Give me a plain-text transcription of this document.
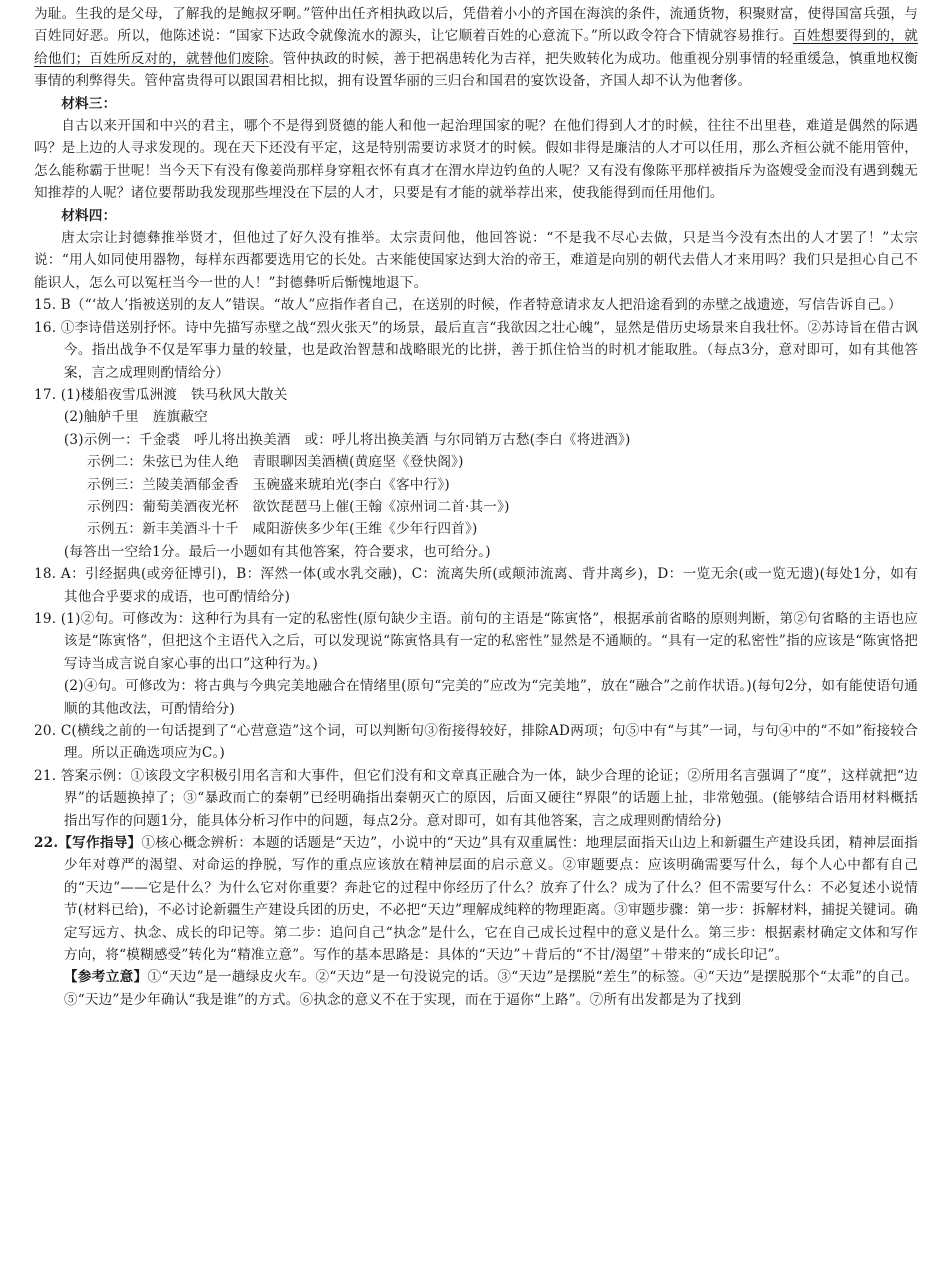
为耻。生我的是父母，了解我的是鲍叔牙啊。”管仲出任齐相执政以后，凭借着小小的齐国在海滨的条件，流通货物，积聚财富，使得国富兵强，与百姓同好恶。所以，他陈述说：“国家下达政令就像流水的源头，让它顺着百姓的心意流下。”所以政令符合下情就容易推行。百姓想要得到的，就给他们；百姓所反对的，就替他们废除。管仲执政的时候，善于把祸患转化为吉祥，把失败转化为成功。他重视分别事情的轻重缓急，慎重地权衡事情的利弊得失。管仲富贵得可以跟国君相比拟，拥有设置华丽的三归台和国君的宴饮设备，齐国人却不认为他奢侈。

材料三：

自古以来开国和中兴的君主，哪个不是得到贤德的能人和他一起治理国家的呢？在他们得到人才的时候，往往不出里巷，难道是偶然的际遇吗？是上边的人寻求发现的。现在天下还没有平定，这是特别需要访求贤才的时候。假如非得是廉洁的人才可以任用，那么齐桓公就不能用管仲，怎么能称霸于世呢！当今天下有没有像姜尚那样身穿粗衣怀有真才在渭水岸边钓鱼的人呢？又有没有像陈平那样被指斥为盗嫂受金而没有遇到魏无知推荐的人呢？诸位要帮助我发现那些埋没在下层的人才，只要是有才能的就举荐出来，使我能得到而任用他们。

材料四：

唐太宗让封德彝推举贤才，但他过了好久没有推举。太宗责问他，他回答说：“不是我不尽心去做，只是当今没有杰出的人才罢了！”太宗说：“用人如同使用器物，每样东西都要选用它的长处。古来能使国家达到大治的帝王，难道是向别的朝代去借人才来用吗？我们只是担心自己不能识人，怎么可以冤枉当今一世的人！”封德彝听后惭愧地退下。

15. B（“‘故人’指被送别的友人”错误。“故人”应指作者自己，在送别的时候，作者特意请求友人把沿途看到的赤壁之战遗迹，写信告诉自己。）

16. ①李诗借送别抒怀。诗中先描写赤壁之战“烈火张天”的场景，最后直言“我欲因之壮心魄”，显然是借历史场景来自我壮怀。②苏诗旨在借古讽今。指出战争不仅是军事力量的较量，也是政治智慧和战略眼光的比拼，善于抓住恰当的时机才能取胜。（每点3分，意对即可，如有其他答案，言之成理则酌情给分）

17. (1)楼船夜雪瓜洲渡　铁马秋风大散关

(2)舳舻千里　旌旗蔽空

(3)示例一：千金裘　呼儿将出换美酒　或：呼儿将出换美酒 与尔同销万古愁(李白《将进酒》)

示例二：朱弦已为佳人绝　青眼聊因美酒横(黄庭坚《登快阁》)

示例三：兰陵美酒郁金香　玉碗盛来琥珀光(李白《客中行》)

示例四：葡萄美酒夜光杯　欲饮琵琶马上催(王翰《凉州词二首·其一》)

示例五：新丰美酒斗十千　咸阳游侠多少年(王维《少年行四首》)

(每答出一空给1分。最后一小题如有其他答案，符合要求，也可给分。)

18. A：引经据典(或旁征博引)，B：浑然一体(或水乳交融)，C：流离失所(或颠沛流离、背井离乡)，D：一览无余(或一览无遗)(每处1分，如有其他合乎要求的成语，也可酌情给分)

19. (1)②句。可修改为：这种行为具有一定的私密性(原句缺少主语。前句的主语是“陈寅恪”，根据承前省略的原则判断，第②句省略的主语也应该是“陈寅恪”，但把这个主语代入之后，可以发现说“陈寅恪具有一定的私密性”显然是不通顺的。“具有一定的私密性”指的应该是“陈寅恪把写诗当成言说自家心事的出口”这种行为。)

(2)④句。可修改为：将古典与今典完美地融合在情绪里(原句“完美的”应改为“完美地”，放在“融合”之前作状语。)(每句2分，如有能使语句通顺的其他改法，可酌情给分)

20. C(横线之前的一句话提到了“心营意造”这个词，可以判断句③衔接得较好，排除AD两项；句⑤中有“与其”一词，与句④中的“不如”衔接较合理。所以正确选项应为C。)

21. 答案示例：①该段文字积极引用名言和大事件，但它们没有和文章真正融合为一体，缺少合理的论证；②所用名言强调了“度”，这样就把“边界”的话题换掉了；③“暴政而亡的秦朝”已经明确指出秦朝灭亡的原因，后面又硬往“界限”的话题上扯，非常勉强。(能够结合语用材料概括指出写作的问题1分，能具体分析习作中的问题，每点2分。意对即可，如有其他答案，言之成理则酌情给分)

22.【写作指导】①核心概念辨析：本题的话题是“天边”，小说中的“天边”具有双重属性：地理层面指天山边上和新疆生产建设兵团，精神层面指少年对尊严的渴望、对命运的挣脱，写作的重点应该放在精神层面的启示意义。②审题要点：应该明确需要写什么，每个人心中都有自己的“天边”——它是什么？为什么它对你重要？奔赴它的过程中你经历了什么？放弃了什么？成为了什么？但不需要写什么：不必复述小说情节(材料已给)，不必讨论新疆生产建设兵团的历史，不必把“天边”理解成纯粹的物理距离。③审题步骤：第一步：拆解材料，捕捉关键词。确定写远方、执念、成长的印记等。第二步：追问自己“执念”是什么，它在自己成长过程中的意义是什么。第三步：根据素材确定文体和写作方向，将“模糊感受”转化为“精准立意”。写作的基本思路是：具体的“天边”＋背后的“不甘/渴望”＋带来的“成长印记”。

【参考立意】①“天边”是一趟绿皮火车。②“天边”是一句没说完的话。③“天边”是摆脱“差生”的标签。④“天边”是摆脱那个“太乖”的自己。⑤“天边”是少年确认“我是谁”的方式。⑥执念的意义不在于实现，而在于逼你“上路”。⑦所有出发都是为了找到
